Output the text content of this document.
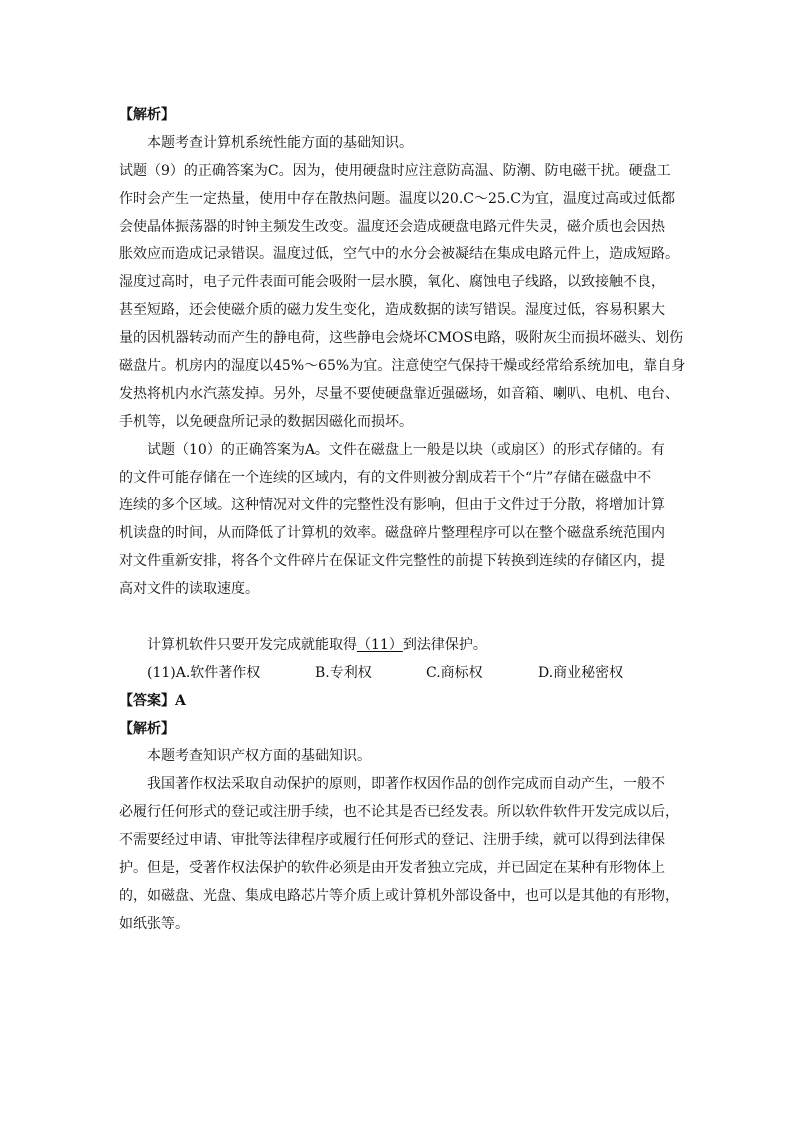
【解析】
本题考查计算机系统性能方面的基础知识。
试题（9）的正确答案为C。因为，使用硬盘时应注意防高温、防潮、防电磁干扰。硬盘工
作时会产生一定热量，使用中存在散热问题。温度以20.C～25.C为宜，温度过高或过低都
会使晶体振荡器的时钟主频发生改变。温度还会造成硬盘电路元件失灵，磁介质也会因热
胀效应而造成记录错误。温度过低，空气中的水分会被凝结在集成电路元件上，造成短路。
湿度过高时，电子元件表面可能会吸附一层水膜，氧化、腐蚀电子线路，以致接触不良，
甚至短路，还会使磁介质的磁力发生变化，造成数据的读写错误。湿度过低，容易积累大
量的因机器转动而产生的静电荷，这些静电会烧坏CMOS电路，吸附灰尘而损坏磁头、划伤
磁盘片。机房内的湿度以45%～65%为宜。注意使空气保持干燥或经常给系统加电，靠自身
发热将机内水汽蒸发掉。另外，尽量不要使硬盘靠近强磁场，如音箱、喇叭、电机、电台、
手机等，以免硬盘所记录的数据因磁化而损坏。
试题（10）的正确答案为A。文件在磁盘上一般是以块（或扇区）的形式存储的。有
的文件可能存储在一个连续的区域内，有的文件则被分割成若干个“片”存储在磁盘中不
连续的多个区域。这种情况对文件的完整性没有影响，但由于文件过于分散，将增加计算
机读盘的时间，从而降低了计算机的效率。磁盘碎片整理程序可以在整个磁盘系统范围内
对文件重新安排，将各个文件碎片在保证文件完整性的前提下转换到连续的存储区内，提
高对文件的读取速度。
计算机软件只要开发完成就能取得（11）到法律保护。
(11)A.软件著作权	B.专利权	C.商标权	D.商业秘密权
【答案】A
【解析】
本题考查知识产权方面的基础知识。
我国著作权法采取自动保护的原则，即著作权因作品的创作完成而自动产生，一般不
必履行任何形式的登记或注册手续，也不论其是否已经发表。所以软件软件开发完成以后，
不需要经过申请、审批等法律程序或履行任何形式的登记、注册手续，就可以得到法律保
护。但是，受著作权法保护的软件必须是由开发者独立完成，并已固定在某种有形物体上
的，如磁盘、光盘、集成电路芯片等介质上或计算机外部设备中，也可以是其他的有形物，
如纸张等。
